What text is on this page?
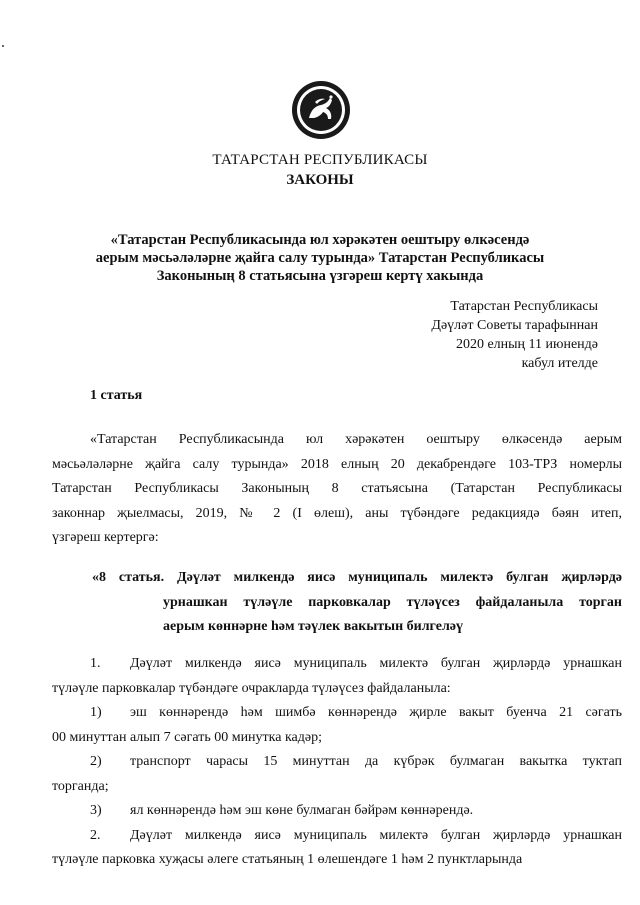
ТАТАРСТАН РЕСПУБЛИКАСЫ
ЗАКОНЫ
«Татарстан Республикасында юл хәрәкәтен оештыру өлкәсендә
аерым мәсьәләләрне җайга салу турында» Татарстан Республикасы
Законының 8 статьясына үзгәреш кертү хакында
Татарстан Республикасы
Дәүләт Советы тарафыннан
2020 елның 11 июнендә
кабул ителде
1 статья
«Татарстан Республикасында юл хәрәкәтен оештыру өлкәсендә аерым
мәсьәләләрне җайга салу турында» 2018 елның 20 декабрендәге 103-ТРЗ номерлы
Татарстан Республикасы Законының 8 статьясына (Татарстан Республикасы
законнар җыелмасы, 2019, № 2 (I өлеш), аны түбәндәге редакциядә бәян итеп,
үзгәреш кертергә:
«8 статья. Дәүләт милкендә яисә муниципаль милектә булган җирләрдә
урнашкан түләүле парковкалар түләүсез файдаланыла торган
аерым көннәрне һәм тәүлек вакытын билгеләү
1. Дәүләт милкендә яисә муниципаль милектә булган җирләрдә урнашкан
түләүле парковкалар түбәндәге очракларда түләүсез файдаланыла:
1) эш көннәрендә һәм шимбә көннәрендә җирле вакыт буенча 21 сәгать
00 минуттан алып 7 сәгать 00 минутка кадәр;
2) транспорт чарасы 15 минуттан да күбрәк булмаган вакытка туктап
торганда;
3) ял көннәрендә һәм эш көне булмаган бәйрәм көннәрендә.
2. Дәүләт милкендә яисә муниципаль милектә булган җирләрдә урнашкан
түләүле парковка хуҗасы әлеге статьяның 1 өлешендәге 1 һәм 2 пунктларында
